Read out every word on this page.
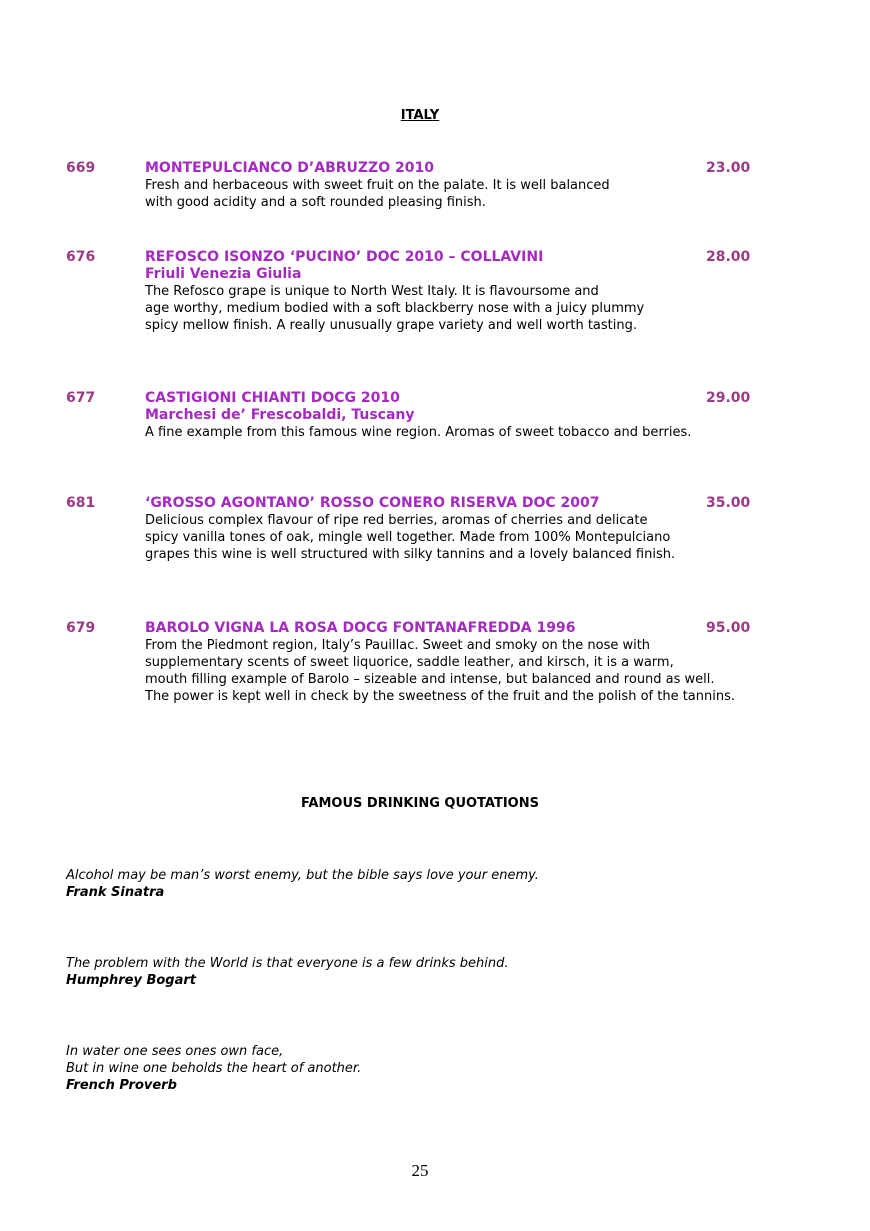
ITALY
669	MONTEPULCIANCO D’ABRUZZO 2010
Fresh and herbaceous with sweet fruit on the palate. It is well balanced
with good acidity and a soft rounded pleasing finish.
23.00
676	REFOSCO ISONZO ‘PUCINO’ DOC 2010 – COLLAVINI
Friuli Venezia Giulia
The Refosco grape is unique to North West Italy. It is flavoursome and
age worthy, medium bodied with a soft blackberry nose with a juicy plummy
spicy mellow finish. A really unusually grape variety and well worth tasting.
28.00
677	CASTIGIONI CHIANTI DOCG 2010
Marchesi de’ Frescobaldi, Tuscany
A fine example from this famous wine region. Aromas of sweet tobacco and berries.
29.00
681	‘GROSSO AGONTANO’ ROSSO CONERO RISERVA DOC 2007
Delicious complex flavour of ripe red berries, aromas of cherries and delicate
spicy vanilla tones of oak, mingle well together. Made from 100% Montepulciano
grapes this wine is well structured with silky tannins and a lovely balanced finish.
35.00
679	BAROLO VIGNA LA ROSA DOCG FONTANAFREDDA 1996
From the Piedmont region, Italy’s Pauillac. Sweet and smoky on the nose with
supplementary scents of sweet liquorice, saddle leather, and kirsch, it is a warm,
mouth filling example of Barolo – sizeable and intense, but balanced and round as well.
The power is kept well in check by the sweetness of the fruit and the polish of the tannins.
95.00
FAMOUS DRINKING QUOTATIONS
Alcohol may be man’s worst enemy, but the bible says love your enemy.
Frank Sinatra
The problem with the World is that everyone is a few drinks behind.
Humphrey Bogart
In water one sees ones own face,
But in wine one beholds the heart of another.
French Proverb
25
